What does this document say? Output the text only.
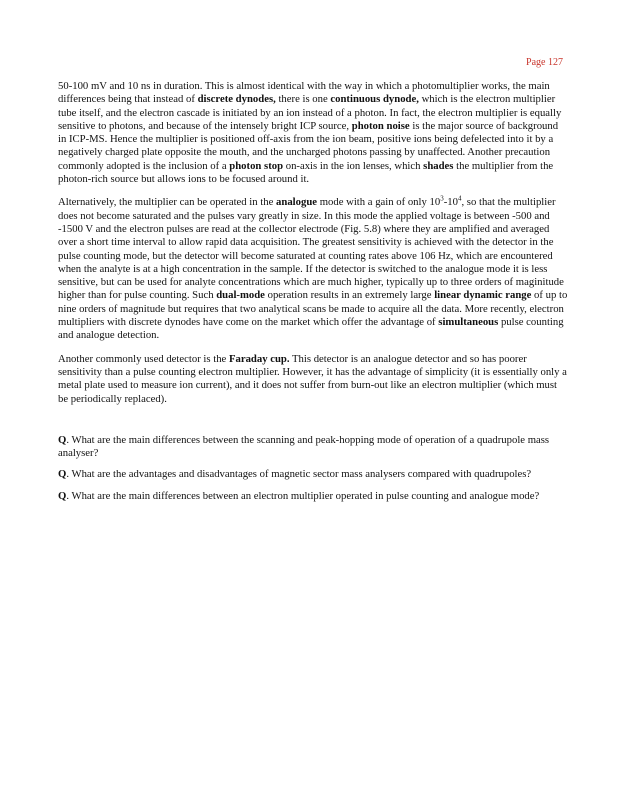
Page 127

50-100 mV and 10 ns in duration. This is almost identical with the way in which a photomultiplier works, the main differences being that instead of discrete dynodes, there is one continuous dynode, which is the electron multiplier tube itself, and the electron cascade is initiated by an ion instead of a photon. In fact, the electron multiplier is equally sensitive to photons, and because of the intensely bright ICP source, photon noise is the major source of background in ICP-MS. Hence the multiplier is positioned off-axis from the ion beam, positive ions being defelected into it by a negatively charged plate opposite the mouth, and the uncharged photons passing by unaffected. Another precaution commonly adopted is the inclusion of a photon stop on-axis in the ion lenses, which shades the multiplier from the photon-rich source but allows ions to be focused around it.

Alternatively, the multiplier can be operated in the analogue mode with a gain of only $10^3-10^4$, so that the multiplier does not become saturated and the pulses vary greatly in size. In this mode the applied voltage is between -500 and -1500 V and the electron pulses are read at the collector electrode (Fig. 5.8) where they are amplified and averaged over a short time interval to allow rapid data acquisition. The greatest sensitivity is achieved with the detector in the pulse counting mode, but the detector will become saturated at counting rates above 106 Hz, which are encountered when the analyte is at a high concentration in the sample. If the detector is switched to the analogue mode it is less sensitive, but can be used for analyte concentrations which are much higher, typically up to three orders of maginitude higher than for pulse counting. Such dual-mode operation results in an extremely large linear dynamic range of up to nine orders of magnitude but requires that two analytical scans be made to acquire all the data. More recently, electron multipliers with discrete dynodes have come on the market which offer the advantage of simultaneous pulse counting and analogue detection.

Another commonly used detector is the Faraday cup. This detector is an analogue detector and so has poorer sensitivity than a pulse counting electron multiplier. However, it has the advantage of simplicity (it is essentially only a metal plate used to measure ion current), and it does not suffer from burn-out like an electron multiplier (which must be periodically replaced).

Q. What are the main differences between the scanning and peak-hopping mode of operation of a quadrupole mass analyser?

Q. What are the advantages and disadvantages of magnetic sector mass analysers compared with quadrupoles?

Q. What are the main differences between an electron multiplier operated in pulse counting and analogue mode?
